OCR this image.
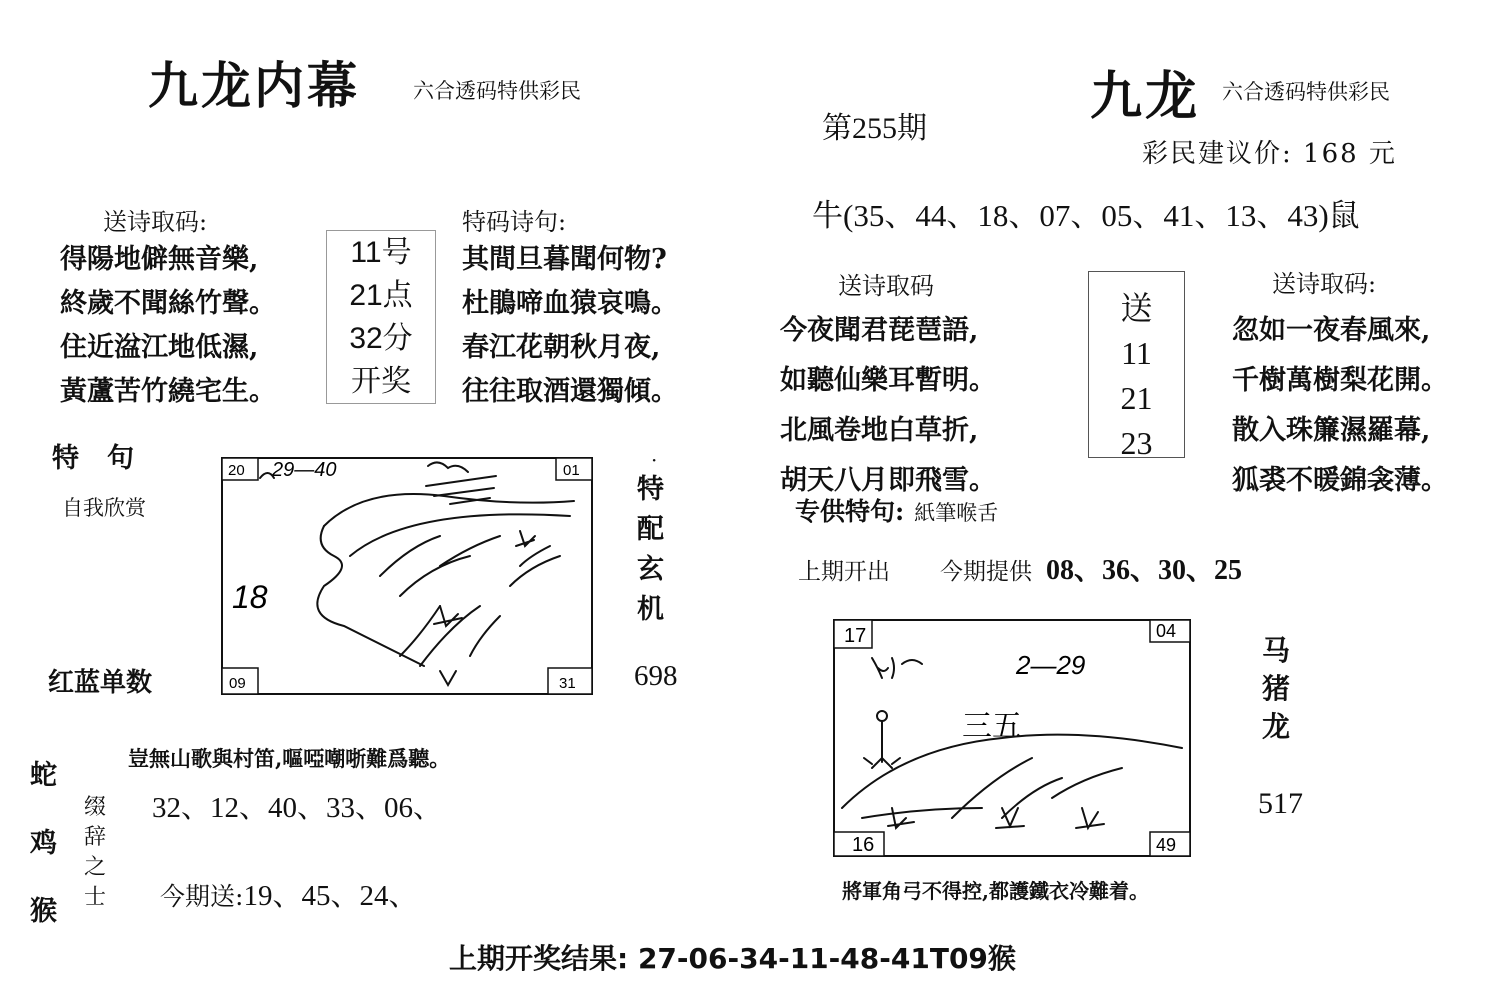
九龙内幕	六合透码特供彩民
送诗取码:
得陽地僻無音樂,
終歲不聞絲竹聲。
住近湓江地低濕,
黃蘆苦竹繞宅生。
11号
21点
32分
开奖
特码诗句:
其間旦暮聞何物?
杜鵑啼血猿哀鳴。
春江花朝秋月夜,
往往取酒還獨傾。
特句
自我欣赏
红蓝单数
·
特配玄机
698
20	01
09	31
29—40
18
蛇
鸡
猴
豈無山歌與村笛,嘔啞嘲哳難爲聽。
缀辞之士
32、12、40、33、06、
今期送:19、45、24、
九龙 六合透码特供彩民
第255期
彩民建议价: 168 元
牛(35、44、18、07、05、41、13、43)鼠
送诗取码
今夜聞君琵琶語,
如聽仙樂耳暫明。
北風卷地白草折,
胡天八月即飛雪。
送
11
21
23
送诗取码:
忽如一夜春風來,
千樹萬樹梨花開。
散入珠簾濕羅幕,
狐裘不暖錦衾薄。
专供特句: 紙筆喉舌
上期开出 今期提供 08、36、30、25
17	04
16	49
2—29
三五
马
猪
龙
517
將軍角弓不得控,都護鐵衣冷難着。
上期开奖结果: 27-06-34-11-48-41T09猴
